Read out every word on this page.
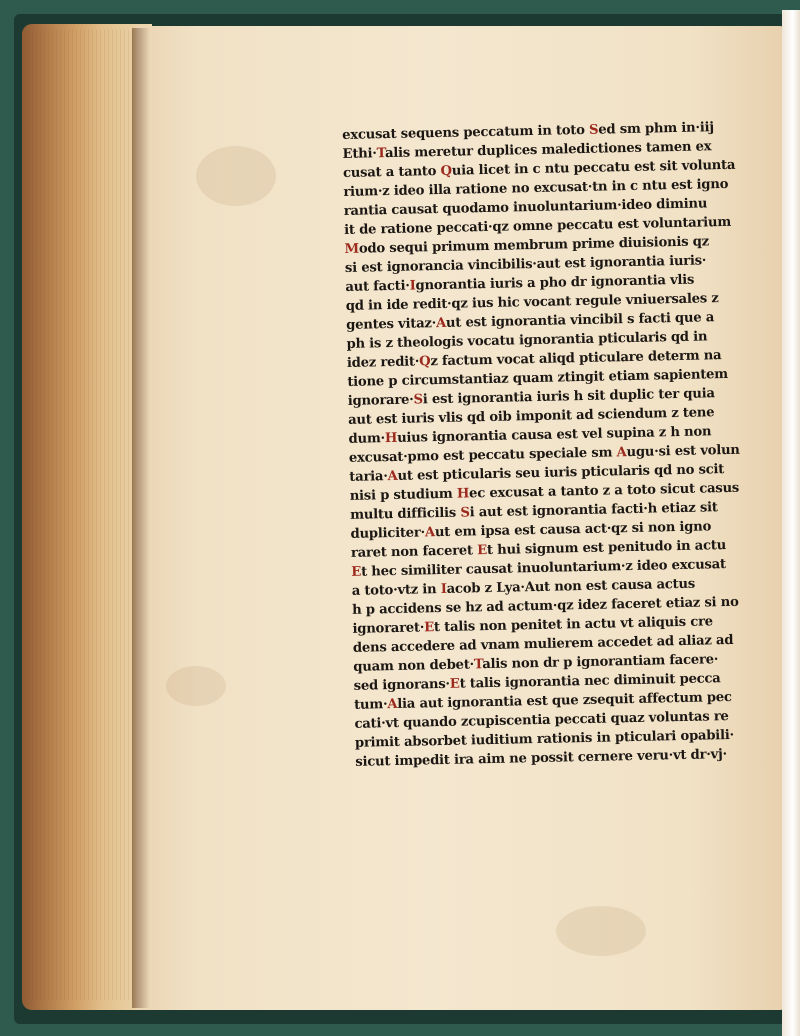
excusat sequens peccatum in toto Sed sm phm in·iij
Ethi·Talis meretur duplices maledictiones tamen ex
cusat a tanto Quia licet in c ntu peccatu est sit volunta
rium·z ideo illa ratione no excusat·tn in c ntu est igno
rantia causat quodamo inuoluntarium·ideo diminu
it de ratione peccati·qz omne peccatu est voluntarium
Modo sequi primum membrum prime diuisionis qz
si est ignorancia vincibilis·aut est ignorantia iuris·
aut facti·Ignorantia iuris a pho dr ignorantia vlis
qd in ide redit·qz ius hic vocant regule vniuersales z
gentes vitaz·Aut est ignorantia vincibil s facti que a
ph is z theologis vocatu ignorantia pticularis qd in
idez redit·Qz factum vocat aliqd pticulare determ na
tione p circumstantiaz quam ztingit etiam sapientem
ignorare·Si est ignorantia iuris h sit duplic ter quia
aut est iuris vlis qd oib imponit ad sciendum z tene
dum·Huius ignorantia causa est vel supina z h non
excusat·pmo est peccatu speciale sm Augu·si est volun
taria·Aut est pticularis seu iuris pticularis qd no scit
nisi p studium Hec excusat a tanto z a toto sicut casus
multu difficilis Si aut est ignorantia facti·h etiaz sit
dupliciter·Aut em ipsa est causa act·qz si non igno
raret non faceret Et hui signum est penitudo in actu
Et hec similiter causat inuoluntarium·z ideo excusat
a toto·vtz in Iacob z Lya·Aut non est causa actus
h p accidens se hz ad actum·qz idez faceret etiaz si no
ignoraret·Et talis non penitet in actu vt aliquis cre
dens accedere ad vnam mulierem accedet ad aliaz ad
quam non debet·Talis non dr p ignorantiam facere·
sed ignorans·Et talis ignorantia nec diminuit pecca
tum·Alia aut ignorantia est que zsequit affectum pec
cati·vt quando zcupiscentia peccati quaz voluntas re
primit absorbet iuditium rationis in pticulari opabili·
sicut impedit ira aim ne possit cernere veru·vt dr·vj·
